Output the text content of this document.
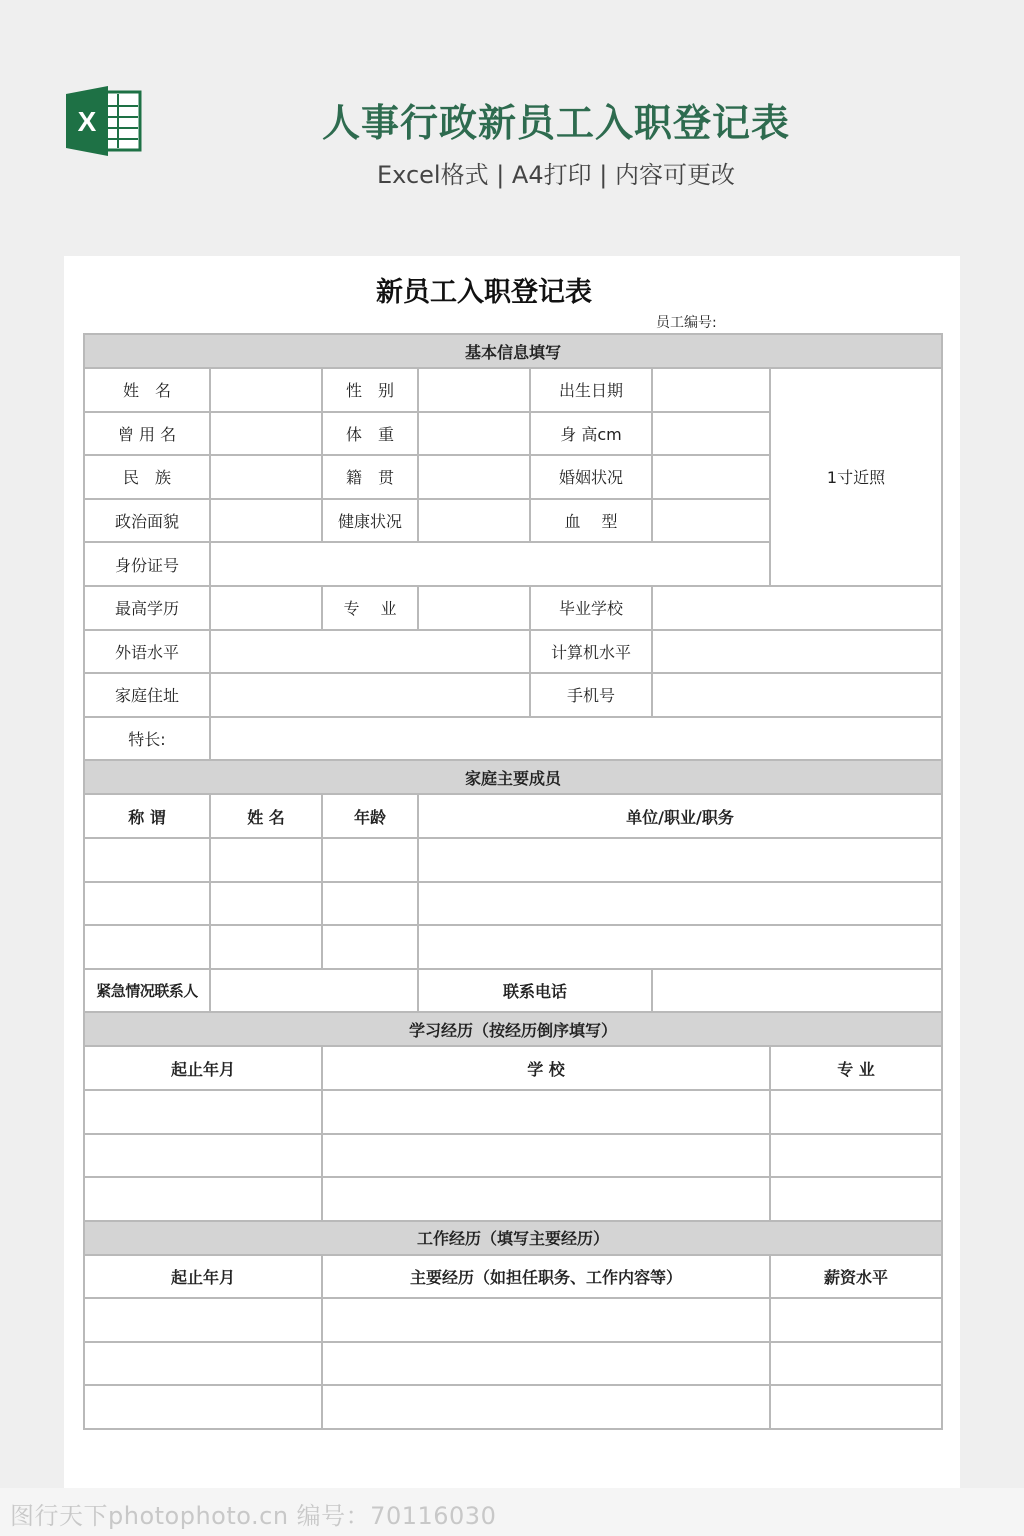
X	人事行政新员工入职登记表
Excel格式 | A4打印 | 内容可更改
新员工入职登记表
员工编号:
基本信息填写						
姓　名		性　别		出生日期		1寸近照
曾 用 名		体　重		身 高cm		
民　族		籍　贯		婚姻状况		
政治面貌		健康状况		血　 型		
身份证号						
最高学历		专　 业		毕业学校		
外语水平				计算机水平		
家庭住址				手机号		
特长:						
家庭主要成员						
称 谓	姓 名	年龄	单位/职业/职务			

紧急情况联系人			联系电话			
学习经历（按经历倒序填写）						
起止年月		学 校				专 业

工作经历（填写主要经历）						
起止年月		主要经历（如担任职务、工作内容等）				薪资水平

图行天下photophoto.cn 编号：70116030
